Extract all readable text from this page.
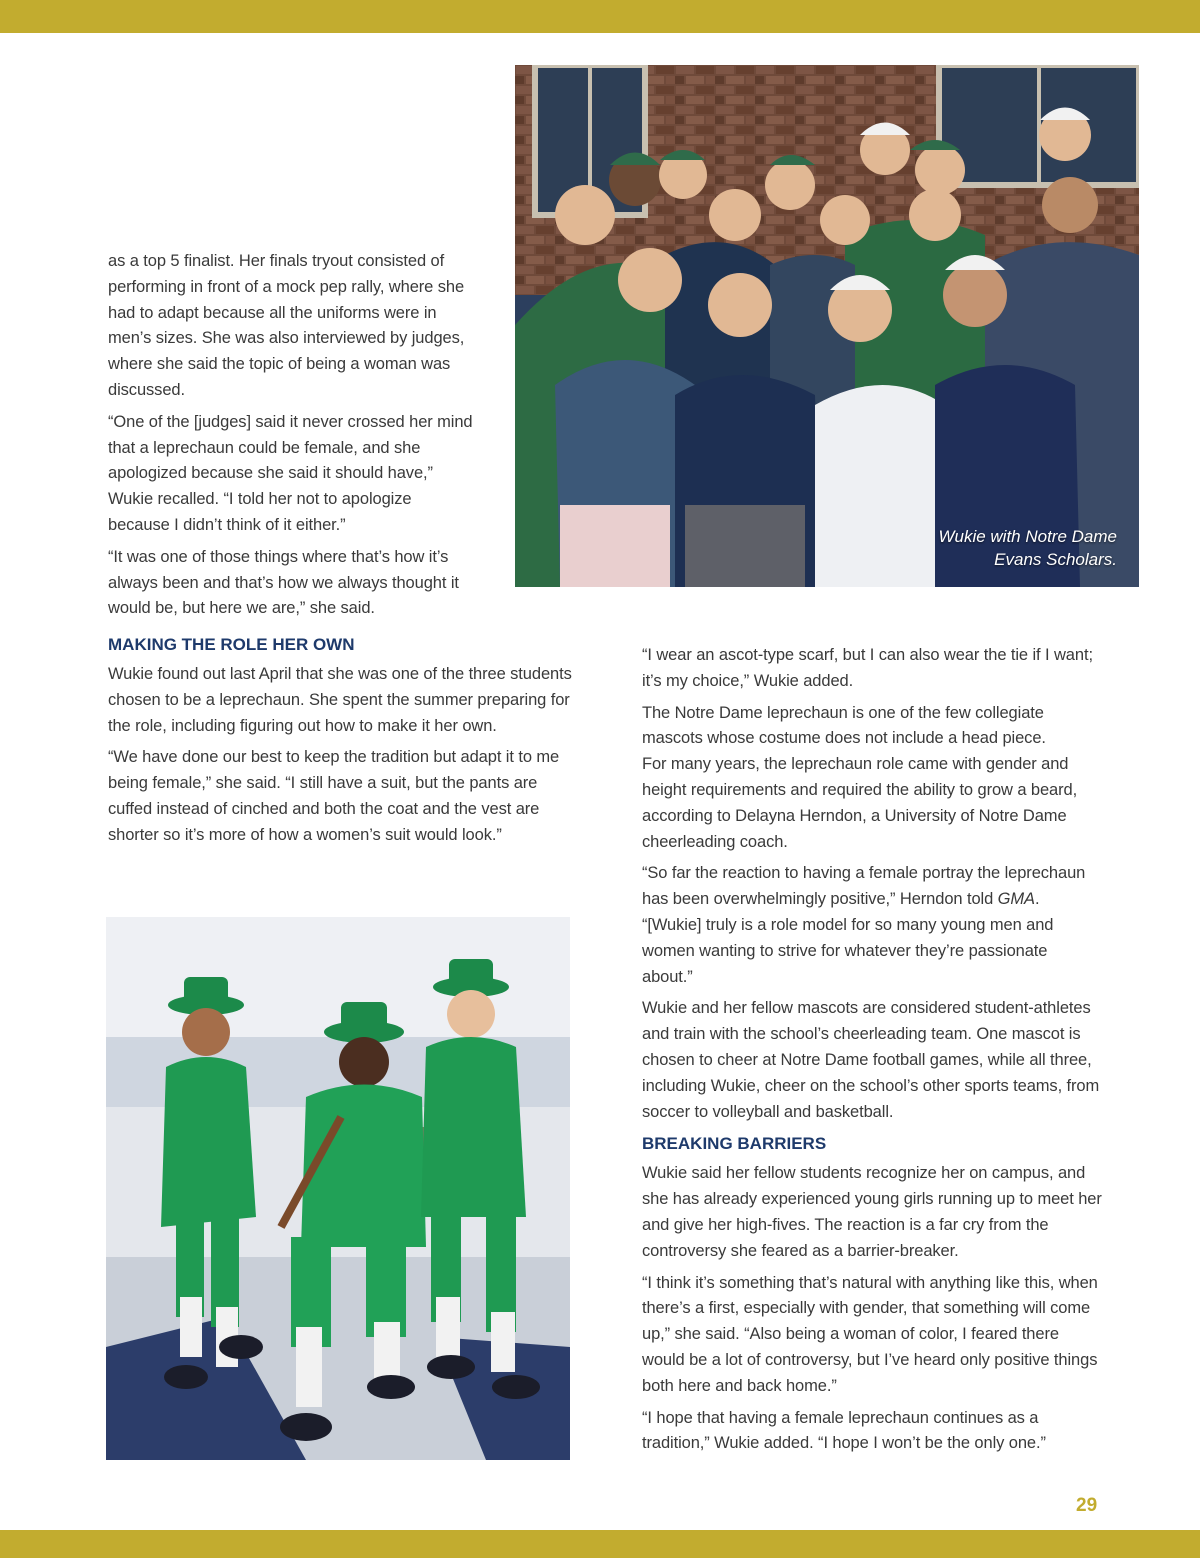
Wukie with Notre Dame
Evans Scholars.

as a top 5 finalist. Her finals tryout consisted of performing in front of a mock pep rally, where she had to adapt because all the uniforms were in men’s sizes. She was also interviewed by judges, where she said the topic of being a woman was discussed.

“One of the [judges] said it never crossed her mind that a leprechaun could be female, and she apologized because she said it should have,” Wukie recalled. “I told her not to apologize because I didn’t think of it either.”

“It was one of those things where that’s how it’s always been and that’s how we always thought it would be, but here we are,” she said.

MAKING THE ROLE HER OWN

Wukie found out last April that she was one of the three students chosen to be a leprechaun. She spent the summer preparing for the role, including figuring out how to make it her own.

“We have done our best to keep the tradition but adapt it to me being female,” she said. “I still have a suit, but the pants are cuffed instead of cinched and both the coat and the vest are shorter so it’s more of how a women’s suit would look.”

“I wear an ascot-type scarf, but I can also wear the tie if I want; it’s my choice,” Wukie added.

The Notre Dame leprechaun is one of the few collegiate mascots whose costume does not include a head piece.

For many years, the leprechaun role came with gender and height requirements and required the ability to grow a beard, according to Delayna Herndon, a University of Notre Dame cheerleading coach.

“So far the reaction to having a female portray the leprechaun has been overwhelmingly positive,” Herndon told GMA. “[Wukie] truly is a role model for so many young men and women wanting to strive for whatever they’re passionate about.”

Wukie and her fellow mascots are considered student-athletes and train with the school’s cheerleading team. One mascot is chosen to cheer at Notre Dame football games, while all three, including Wukie, cheer on the school’s other sports teams, from soccer to volleyball and basketball.

BREAKING BARRIERS

Wukie said her fellow students recognize her on campus, and she has already experienced young girls running up to meet her and give her high-fives. The reaction is a far cry from the controversy she feared as a barrier-breaker.

“I think it’s something that’s natural with anything like this, when there’s a first, especially with gender, that something will come up,” she said. “Also being a woman of color, I feared there would be a lot of controversy, but I’ve heard only positive things both here and back home.”

“I hope that having a female leprechaun continues as a tradition,” Wukie added. “I hope I won’t be the only one.”

29
